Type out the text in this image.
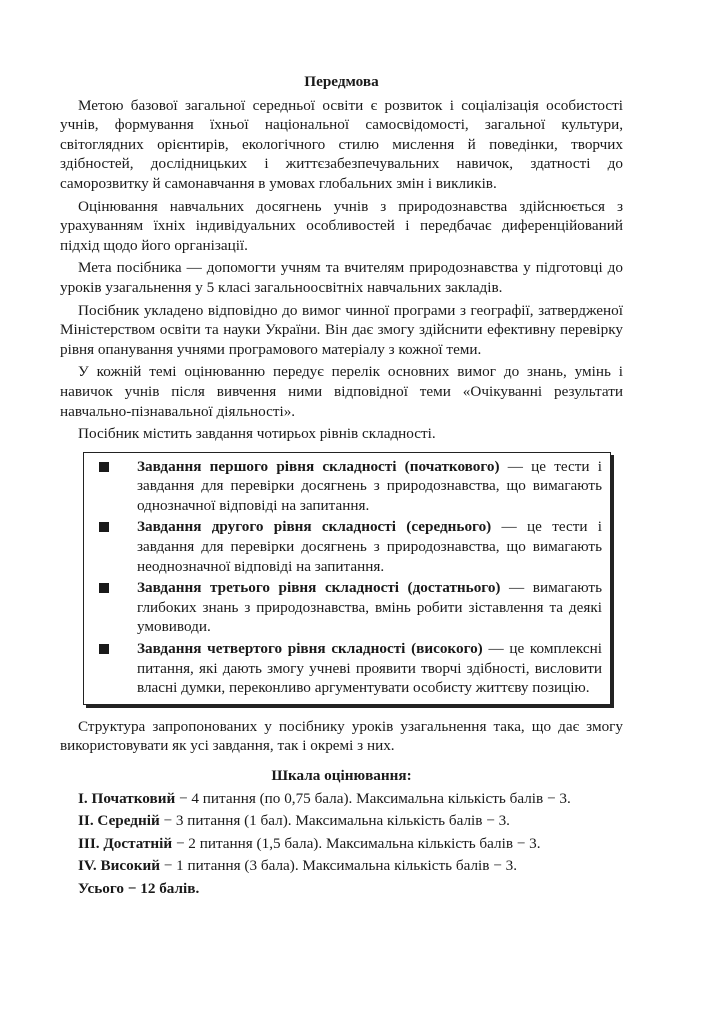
Передмова

Метою базової загальної середньої освіти є розвиток і соціалізація особистості учнів, формування їхньої національної самосвідомості, загальної культури, світоглядних орієнтирів, екологічного стилю мислення й поведінки, творчих здібностей, дослідницьких і життєзабезпечувальних навичок, здатності до саморозвитку й самонавчання в умовах глобальних змін і викликів.

Оцінювання навчальних досягнень учнів з природознавства здійснюється з урахуванням їхніх індивідуальних особливостей і передбачає диференційований підхід щодо його організації.

Мета посібника — допомогти учням та вчителям природознавства у підготовці до уроків узагальнення у 5 класі загальноосвітніх навчальних закладів.

Посібник укладено відповідно до вимог чинної програми з географії, затвердженої Міністерством освіти та науки України. Він дає змогу здійснити ефективну перевірку рівня опанування учнями програмового матеріалу з кожної теми.

У кожній темі оцінюванню передує перелік основних вимог до знань, умінь і навичок учнів після вивчення ними відповідної теми «Очікуванні результати навчально-пізнавальної діяльності».

Посібник містить завдання чотирьох рівнів складності.

Завдання першого рівня складності (початкового) — це тести і завдання для перевірки досягнень з природознавства, що вимагають однозначної відповіді на запитання.
Завдання другого рівня складності (середнього) — це тести і завдання для перевірки досягнень з природознавства, що вимагають неоднозначної відповіді на запитання.
Завдання третього рівня складності (достатнього) — вимагають глибоких знань з природознавства, вмінь робити зіставлення та деякі умовиводи.
Завдання четвертого рівня складності (високого) — це комплексні питання, які дають змогу учневі проявити творчі здібності, висловити власні думки, переконливо аргументувати особисту життєву позицію.

Структура запропонованих у посібнику уроків узагальнення така, що дає змогу використовувати як усі завдання, так і окремі з них.

Шкала оцінювання:
І. Початковий − 4 питання (по 0,75 бала). Максимальна кількість балів − 3.
ІІ. Середній − 3 питання (1 бал). Максимальна кількість балів − 3.
ІІІ. Достатній − 2 питання (1,5 бала). Максимальна кількість балів − 3.
ІV. Високий − 1 питання (3 бала). Максимальна кількість балів − 3.
Усього − 12 балів.
